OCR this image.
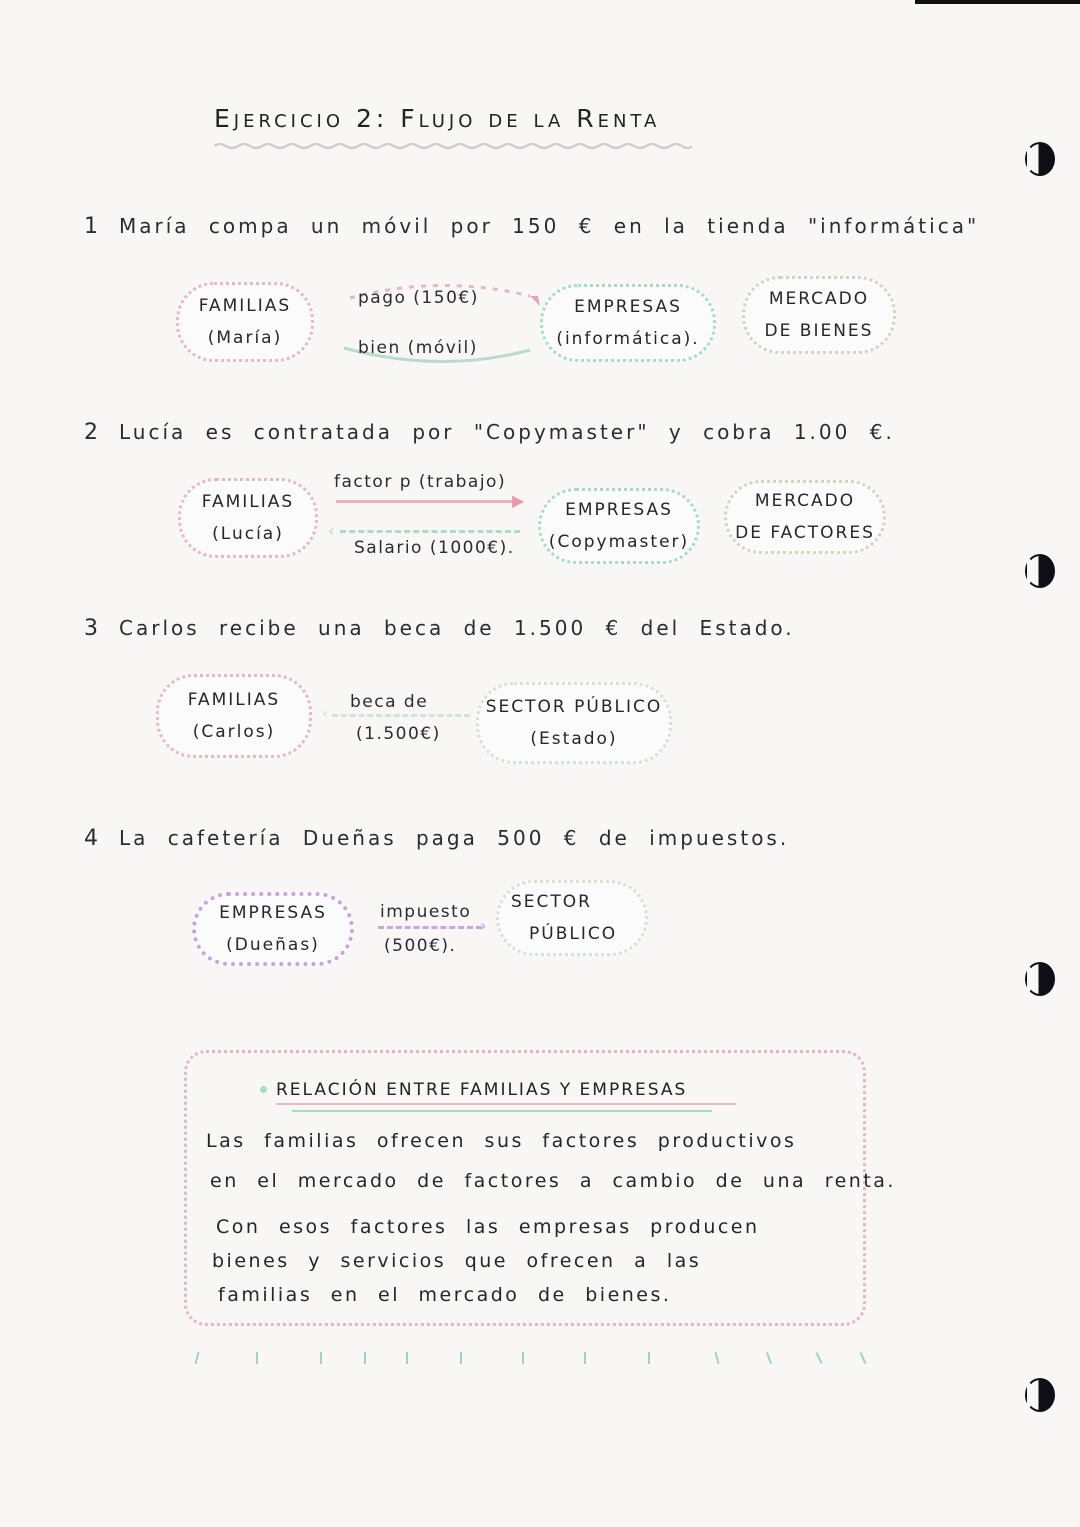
Ejercicio 2: Flujo de la Renta
1 María compa un móvil por 150 € en la tienda "informática"
FAMILIAS
(María)
pago (150€)
bien (móvil)
EMPRESAS
(informática).
MERCADO
DE BIENES
2 Lucía es contratada por "Copymaster" y cobra 1.00 €.
FAMILIAS
(Lucía)
factor p (trabajo)
▶
‹
Salario (1000€).
EMPRESAS
(Copymaster)
MERCADO
DE FACTORES
3 Carlos recibe una beca de 1.500 € del Estado.
FAMILIAS
(Carlos)
‹
beca de
(1.500€)
SECTOR PÚBLICO
(Estado)
4 La cafetería Dueñas paga 500 € de impuestos.
EMPRESAS
(Dueñas)
impuesto
›
(500€).
SECTOR
PÚBLICO
RELACIÓN ENTRE FAMILIAS Y EMPRESAS
Las familias ofrecen sus factores productivos
en el mercado de factores a cambio de una renta.
Con esos factores las empresas producen
bienes y servicios que ofrecen a las
familias en el mercado de bienes.
